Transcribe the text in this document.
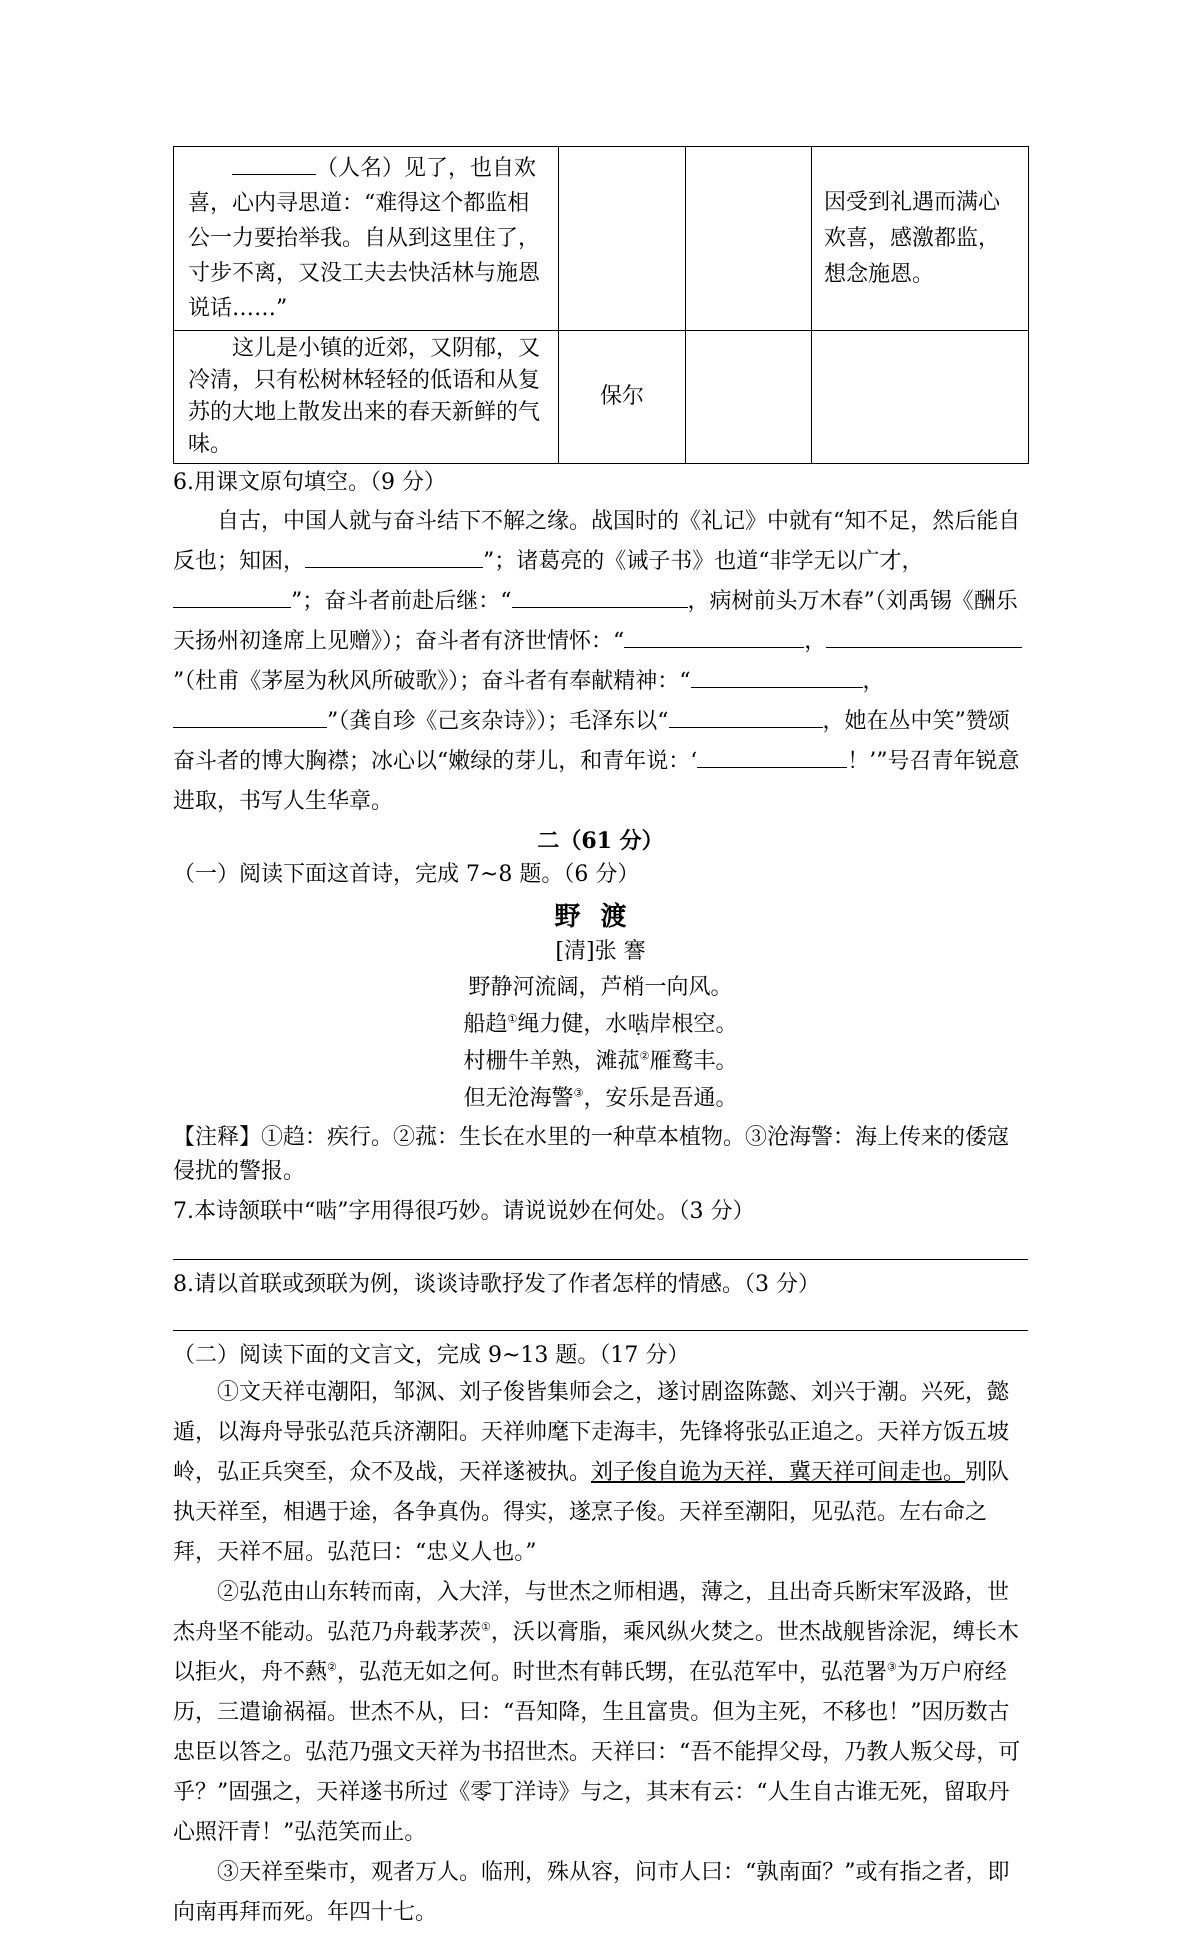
（人名）见了，也自欢喜，心内寻思道：“难得这个都监相公一力要抬举我。自从到这里住了，寸步不离，又没工夫去快活林与施恩说话……”			因受到礼遇而满心欢喜，感激都监，想念施恩。
这儿是小镇的近郊，又阴郁，又冷清，只有松树林轻轻的低语和从复苏的大地上散发出来的春天新鲜的气味。	保尔		

6.用课文原句填空。（9 分）

自古，中国人就与奋斗结下不解之缘。战国时的《礼记》中就有“知不足，然后能自反也；知困，	”；诸葛亮的《诫子书》也道“非学无以广才，”；奋斗者前赴后继：“	，病树前头万木春”（刘禹锡《酬乐天扬州初逢席上见赠》）；奋斗者有济世情怀：“	，”（杜甫《茅屋为秋风所破歌》）；奋斗者有奉献精神：“	，”（龚自珍《己亥杂诗》）；毛泽东以“	，她在丛中笑”赞颂奋斗者的博大胸襟；冰心以“嫩绿的芽儿，和青年说：‘	！’”号召青年锐意进取，书写人生华章。

二（61 分）

（一）阅读下面这首诗，完成 7~8 题。（6 分）

野渡

[清]张 謇

野静河流阔，芦梢一向风。
船趋①绳力健，水啮岸根空。
村栅牛羊熟，滩菰②雁鹜丰。
但无沧海警③，安乐是吾通。

【注释】①趋：疾行。②菰：生长在水里的一种草本植物。③沧海警：海上传来的倭寇侵扰的警报。

7.本诗颔联中“啮”字用得很巧妙。请说说妙在何处。（3 分）

8.请以首联或颈联为例，谈谈诗歌抒发了作者怎样的情感。（3 分）

（二）阅读下面的文言文，完成 9~13 题。（17 分）

①文天祥屯潮阳，邹沨、刘子俊皆集师会之，遂讨剧盗陈懿、刘兴于潮。兴死，懿遁，以海舟导张弘范兵济潮阳。天祥帅麾下走海丰，先锋将张弘正追之。天祥方饭五坡岭，弘正兵突至，众不及战，天祥遂被执。刘子俊自诡为天祥，冀天祥可间走也。别队执天祥至，相遇于途，各争真伪。得实，遂烹子俊。天祥至潮阳，见弘范。左右命之拜，天祥不屈。弘范曰：“忠义人也。”

②弘范由山东转而南，入大洋，与世杰之师相遇，薄之，且出奇兵断宋军汲路，世杰舟坚不能动。弘范乃舟载茅茨①，沃以膏脂，乘风纵火焚之。世杰战舰皆涂泥，缚长木以拒火，舟不爇②，弘范无如之何。时世杰有韩氏甥，在弘范军中，弘范署③为万户府经历，三遣谕祸福。世杰不从，曰：“吾知降，生且富贵。但为主死，不移也！”因历数古忠臣以答之。弘范乃强文天祥为书招世杰。天祥曰：“吾不能捍父母，乃教人叛父母，可乎？”固强之，天祥遂书所过《零丁洋诗》与之，其末有云：“人生自古谁无死，留取丹心照汗青！”弘范笑而止。

③天祥至柴市，观者万人。临刑，殊从容，问市人曰：“孰南面？”或有指之者，即向南再拜而死。年四十七。
